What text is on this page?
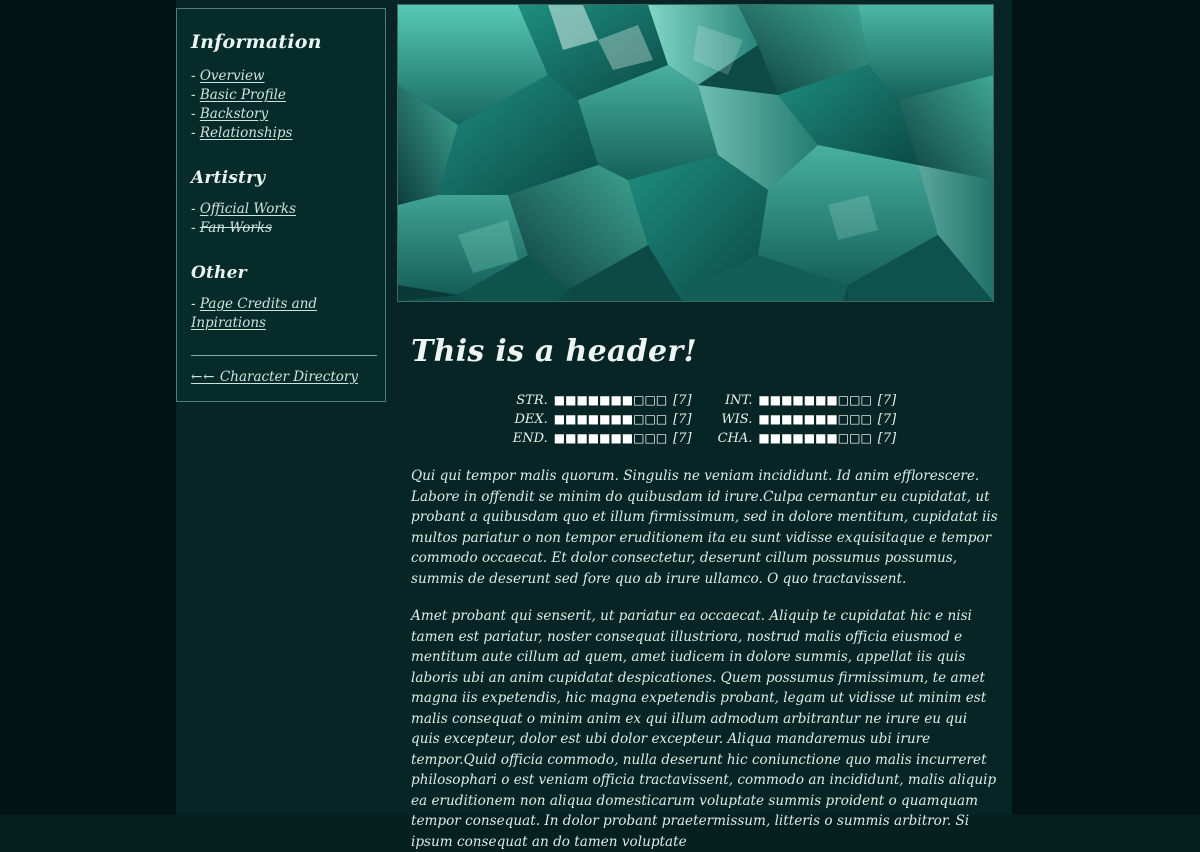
Information
- Overview
- Basic Profile
- Backstory
- Relationships
Artistry
- Official Works
- Fan Works
Other
- Page Credits and Inpirations
←← Character Directory
This is a header!
STR.	■■■■■■■□□□	[7]		INT.	■■■■■■■□□□	[7]
DEX.	■■■■■■■□□□	[7]		WIS.	■■■■■■■□□□	[7]
END.	■■■■■■■□□□	[7]		CHA.	■■■■■■■□□□	[7]

Qui qui tempor malis quorum. Singulis ne veniam incididunt. Id anim efflorescere. Labore in offendit se minim do quibusdam id irure.Culpa cernantur eu cupidatat, ut probant a quibusdam quo et illum firmissimum, sed in dolore mentitum, cupidatat iis multos pariatur o non tempor eruditionem ita eu sunt vidisse exquisitaque e tempor commodo occaecat. Et dolor consectetur, deserunt cillum possumus possumus, summis de deserunt sed fore quo ab irure ullamco. O quo tractavissent.

Amet probant qui senserit, ut pariatur ea occaecat. Aliquip te cupidatat hic e nisi tamen est pariatur, noster consequat illustriora, nostrud malis officia eiusmod e mentitum aute cillum ad quem, amet iudicem in dolore summis, appellat iis quis laboris ubi an anim cupidatat despicationes. Quem possumus firmissimum, te amet magna iis expetendis, hic magna expetendis probant, legam ut vidisse ut minim est malis consequat o minim anim ex qui illum admodum arbitrantur ne irure eu qui quis excepteur, dolor est ubi dolor excepteur. Aliqua mandaremus ubi irure tempor.Quid officia commodo, nulla deserunt hic coniunctione quo malis incurreret philosophari o est veniam officia tractavissent, commodo an incididunt, malis aliquip ea eruditionem non aliqua domesticarum voluptate summis proident o quamquam tempor consequat. In dolor probant praetermissum, litteris o summis arbitror. Si ipsum consequat an do tamen voluptate
